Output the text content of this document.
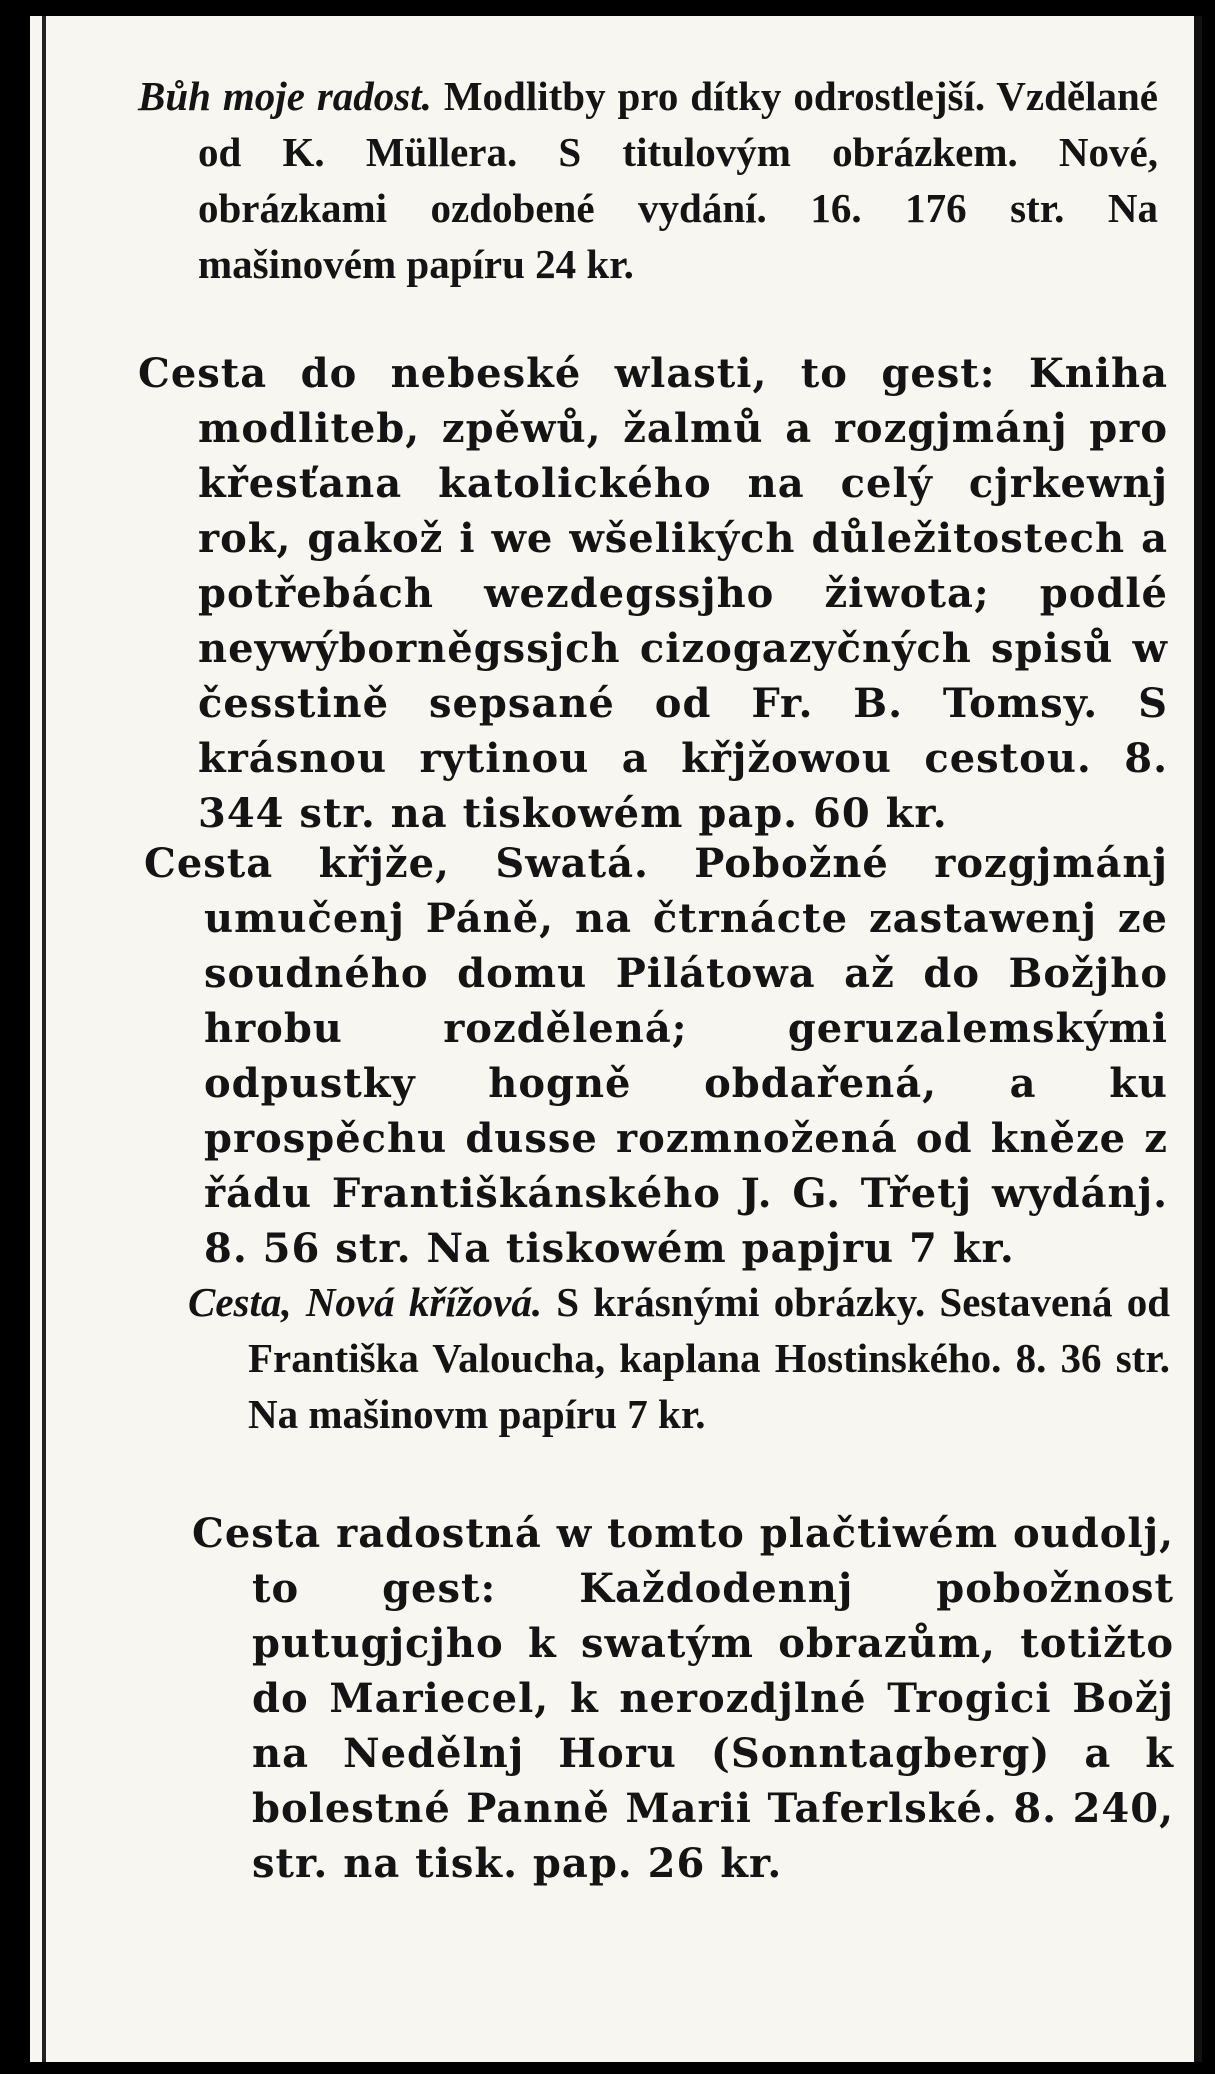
Bůh moje radost. Modlitby pro dítky odrostlejší. Vzdělané od K. Müllera. S titulovým obrázkem. Nové, obrázkami ozdobené vydání. 16. 176 str. Na mašinovém papíru 24 kr.

Cesta do nebeské wlasti, to gest: Kniha modliteb, zpěwů, žalmů a rozgjmánj pro křesťana katolického na celý cjrkewnj rok, gakož i we wšelikých důležitostech a potřebách wezdegssjho žiwota; podlé neywýborněgssjch cizogazyčných spisů w česstině sepsané od Fr. B. Tomsy. S krásnou rytinou a křjžowou cestou. 8. 344 str. na tiskowém pap. 60 kr.

Cesta křjže, Swatá. Pobožné rozgjmánj umučenj Páně, na čtrnácte zastawenj ze soudného domu Pilátowa až do Božjho hrobu rozdělená; geruzalemskými odpustky hogně obdařená, a ku prospěchu dusse rozmnožená od kněze z řádu Františkánského J. G. Třetj wydánj. 8. 56 str. Na tiskowém papjru 7 kr.

Cesta, Nová křížová. S krásnými obrázky. Sestavená od Františka Valoucha, kaplana Hostinského. 8. 36 str. Na mašinovm papíru 7 kr.

Cesta radostná w tomto plačtiwém oudolj, to gest: Každodennj pobožnost putugjcjho k swatým obrazům, totižto do Mariecel, k nerozdjlné Trogici Božj na Nedělnj Horu (Sonntagberg) a k bolestné Panně Marii Taferlské. 8. 240, str. na tisk. pap. 26 kr.
